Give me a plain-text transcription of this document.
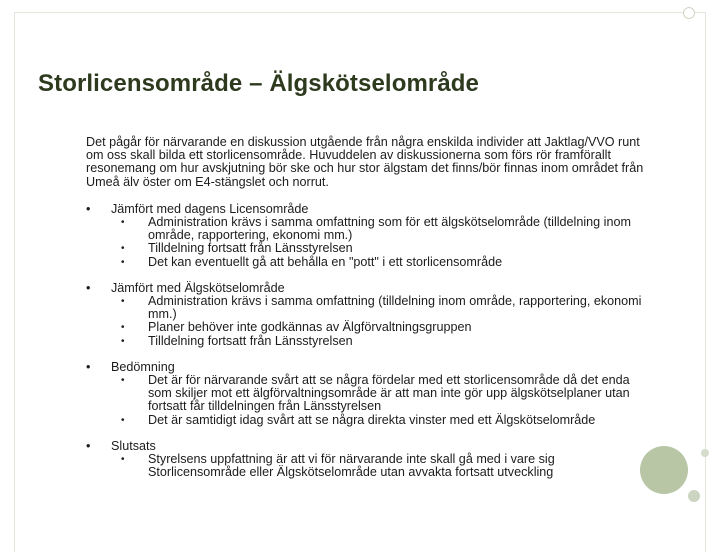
Storlicensområde – Älgskötselområde

Det pågår för närvarande en diskussion utgående från några enskilda individer att Jaktlag/VVO runt om oss skall bilda ett storlicensområde. Huvuddelen av diskussionerna som förs rör framförallt resonemang om hur avskjutning bör ske och hur stor älgstam det finns/bör finnas inom området från Umeå älv öster om E4-stängslet och norrut.

• Jämfört med dagens Licensområde
• Administration krävs i samma omfattning som för ett älgskötselområde (tilldelning inom område, rapportering, ekonomi mm.)
• Tilldelning fortsatt från Länsstyrelsen
• Det kan eventuellt gå att behålla en "pott" i ett storlicensområde
• Jämfört med Älgskötselområde
• Administration krävs i samma omfattning (tilldelning inom område, rapportering, ekonomi mm.)
• Planer behöver inte godkännas av Älgförvaltningsgruppen
• Tilldelning fortsatt från Länsstyrelsen
• Bedömning
• Det är för närvarande svårt att se några fördelar med ett storlicensområde då det enda som skiljer mot ett älgförvaltningsområde är att man inte gör upp älgskötselplaner utan fortsatt får tilldelningen från Länsstyrelsen
• Det är samtidigt idag svårt att se några direkta vinster med ett Älgskötselområde
• Slutsats
• Styrelsens uppfattning är att vi för närvarande inte skall gå med i vare sig Storlicensområde eller Älgskötselområde utan avvakta fortsatt utveckling
